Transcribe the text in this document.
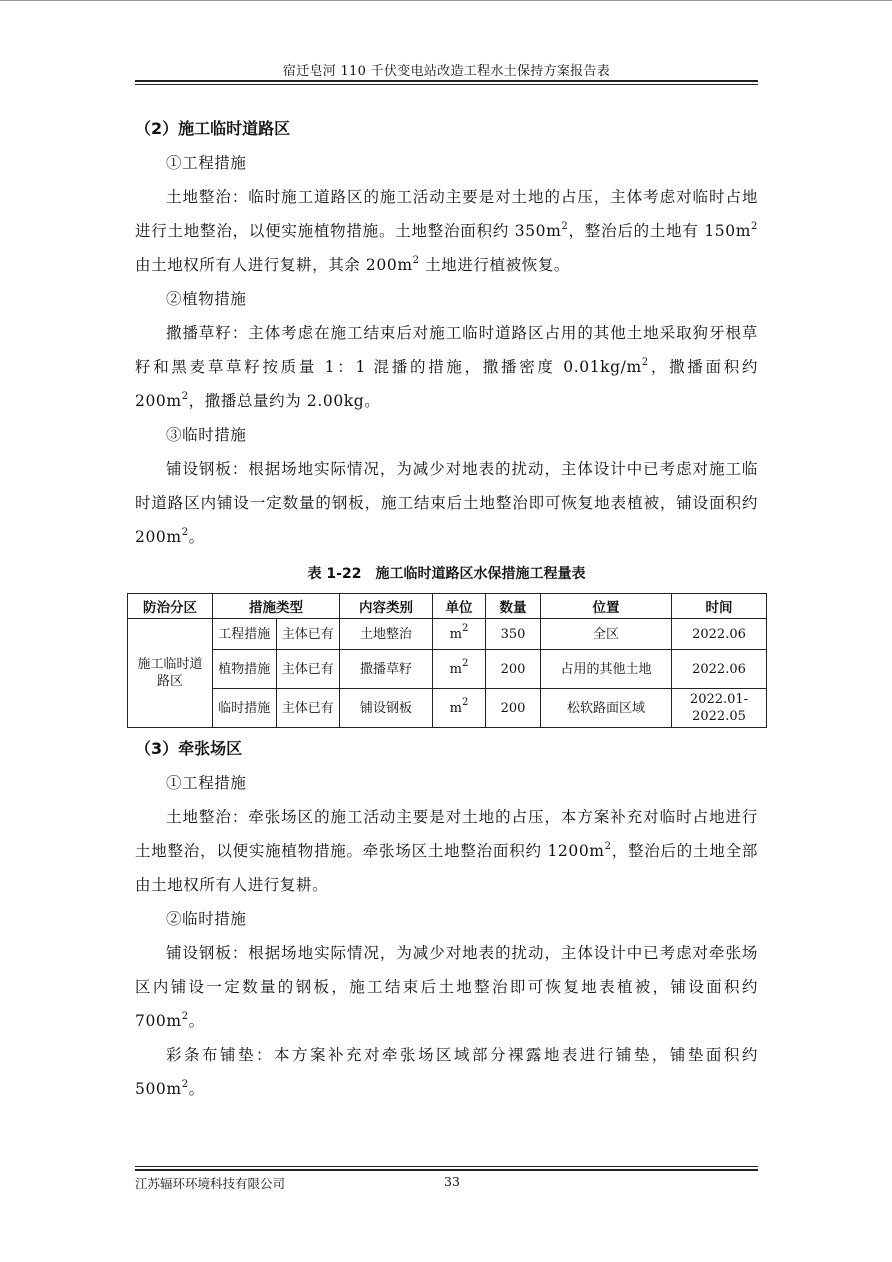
宿迁皂河 110 千伏变电站改造工程水土保持方案报告表
（2）施工临时道路区

①工程措施

土地整治：临时施工道路区的施工活动主要是对土地的占压，主体考虑对临时占地进行土地整治，以便实施植物措施。土地整治面积约 $350m^2$，整治后的土地有 $150m^2$ 由土地权所有人进行复耕，其余 $200m^2$ 土地进行植被恢复。

②植物措施

撒播草籽：主体考虑在施工结束后对施工临时道路区占用的其他土地采取狗牙根草籽和黑麦草草籽按质量 1：1 混播的措施，撒播密度 $0.01kg/m^2$，撒播面积约 $200m^2$，撒播总量约为 2.00kg。

③临时措施

铺设钢板：根据场地实际情况，为减少对地表的扰动，主体设计中已考虑对施工临时道路区内铺设一定数量的钢板，施工结束后土地整治即可恢复地表植被，铺设面积约 $200m^2$。

表 1-22　施工临时道路区水保措施工程量表
防治分区	措施类型		内容类别	单位	数量	位置	时间
施工临时道路区	工程措施	主体已有	土地整治	$m^2$	350	全区	2022.06
	植物措施	主体已有	撒播草籽	$m^2$	200	占用的其他土地	2022.06
	临时措施	主体已有	铺设钢板	$m^2$	200	松软路面区域	2022.01-2022.05
（3）牵张场区

①工程措施

土地整治：牵张场区的施工活动主要是对土地的占压，本方案补充对临时占地进行土地整治，以便实施植物措施。牵张场区土地整治面积约 $1200m^2$，整治后的土地全部由土地权所有人进行复耕。

②临时措施

铺设钢板：根据场地实际情况，为减少对地表的扰动，主体设计中已考虑对牵张场区内铺设一定数量的钢板，施工结束后土地整治即可恢复地表植被，铺设面积约 $700m^2$。

彩条布铺垫：本方案补充对牵张场区域部分裸露地表进行铺垫，铺垫面积约 $500m^2$。

江苏辐环环境科技有限公司	33
